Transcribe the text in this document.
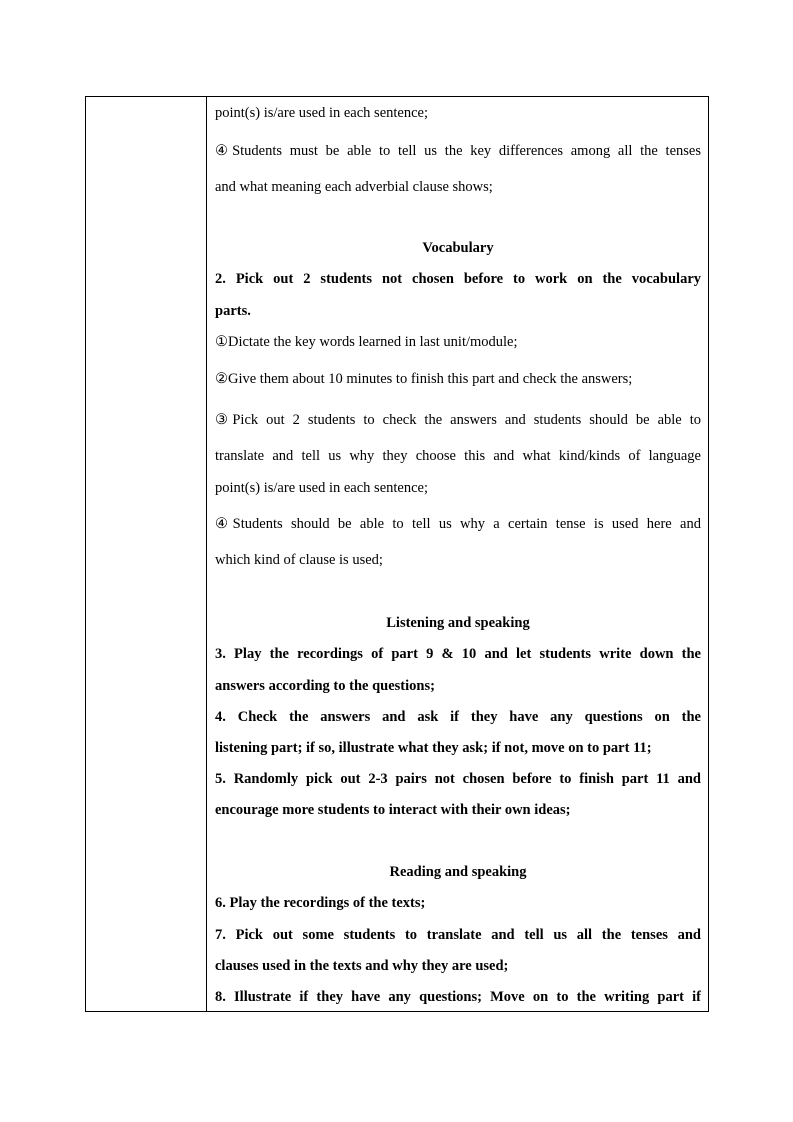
point(s) is/are used in each sentence;
④Students must be able to tell us the key differences among all the tenses
and what meaning each adverbial clause shows;
Vocabulary
2. Pick out 2 students not chosen before to work on the vocabulary
parts.
①Dictate the key words learned in last unit/module;
②Give them about 10 minutes to finish this part and check the answers;
③Pick out 2 students to check the answers and students should be able to
translate and tell us why they choose this and what kind/kinds of language
point(s) is/are used in each sentence;
④Students should be able to tell us why a certain tense is used here and
which kind of clause is used;
Listening and speaking
3. Play the recordings of part 9 & 10 and let students write down the
answers according to the questions;
4. Check the answers and ask if they have any questions on the
listening part; if so, illustrate what they ask; if not, move on to part 11;
5. Randomly pick out 2-3 pairs not chosen before to finish part 11 and
encourage more students to interact with their own ideas;
Reading and speaking
6. Play the recordings of the texts;
7. Pick out some students to translate and tell us all the tenses and
clauses used in the texts and why they are used;
8. Illustrate if they have any questions; Move on to the writing part if
